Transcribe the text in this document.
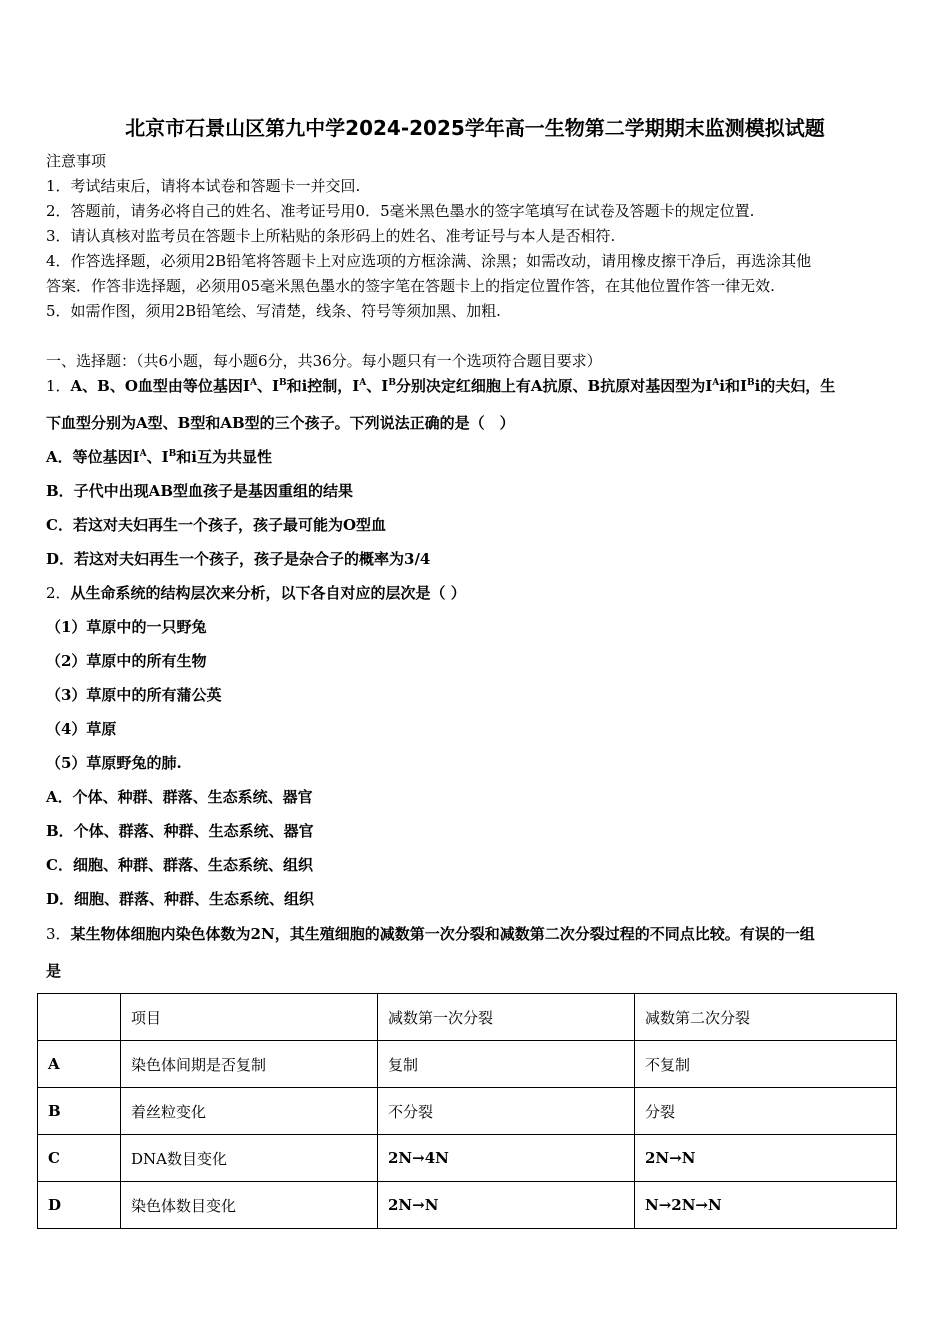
北京市石景山区第九中学2024-2025学年高一生物第二学期期末监测模拟试题
注意事项
1．考试结束后，请将本试卷和答题卡一并交回.
2．答题前，请务必将自己的姓名、准考证号用0．5毫米黑色墨水的签字笔填写在试卷及答题卡的规定位置.
3．请认真核对监考员在答题卡上所粘贴的条形码上的姓名、准考证号与本人是否相符.
4．作答选择题，必须用2B铅笔将答题卡上对应选项的方框涂满、涂黑；如需改动，请用橡皮擦干净后，再选涂其他
答案．作答非选择题，必须用05毫米黑色墨水的签字笔在答题卡上的指定位置作答，在其他位置作答一律无效.
5．如需作图，须用2B铅笔绘、写清楚，线条、符号等须加黑、加粗.
一、选择题：（共6小题，每小题6分，共36分。每小题只有一个选项符合题目要求）
1．A、B、O血型由等位基因$I^A$、$I^B$和i控制，$I^A$、$I^B$分别决定红细胞上有A抗原、B抗原对基因型为$I^Ai$和$I^Bi$的夫妇，生
下血型分别为A型、B型和AB型的三个孩子。下列说法正确的是（　）
A．等位基因$I^A$、$I^B$和i互为共显性
B．子代中出现AB型血孩子是基因重组的结果
C．若这对夫妇再生一个孩子，孩子最可能为O型血
D．若这对夫妇再生一个孩子，孩子是杂合子的概率为3/4
2．从生命系统的结构层次来分析，以下各自对应的层次是（ ）
（1）草原中的一只野兔
（2）草原中的所有生物
（3）草原中的所有蒲公英
（4）草原
（5）草原野兔的肺.
A．个体、种群、群落、生态系统、器官
B．个体、群落、种群、生态系统、器官
C．细胞、种群、群落、生态系统、组织
D．细胞、群落、种群、生态系统、组织
3．某生物体细胞内染色体数为2N，其生殖细胞的减数第一次分裂和减数第二次分裂过程的不同点比较。有误的一组
是
	项目	减数第一次分裂	减数第二次分裂
A	染色体间期是否复制	复制	不复制
B	着丝粒变化	不分裂	分裂
C	DNA数目变化	2N→4N	2N→N
D	染色体数目变化	2N→N	N→2N→N
